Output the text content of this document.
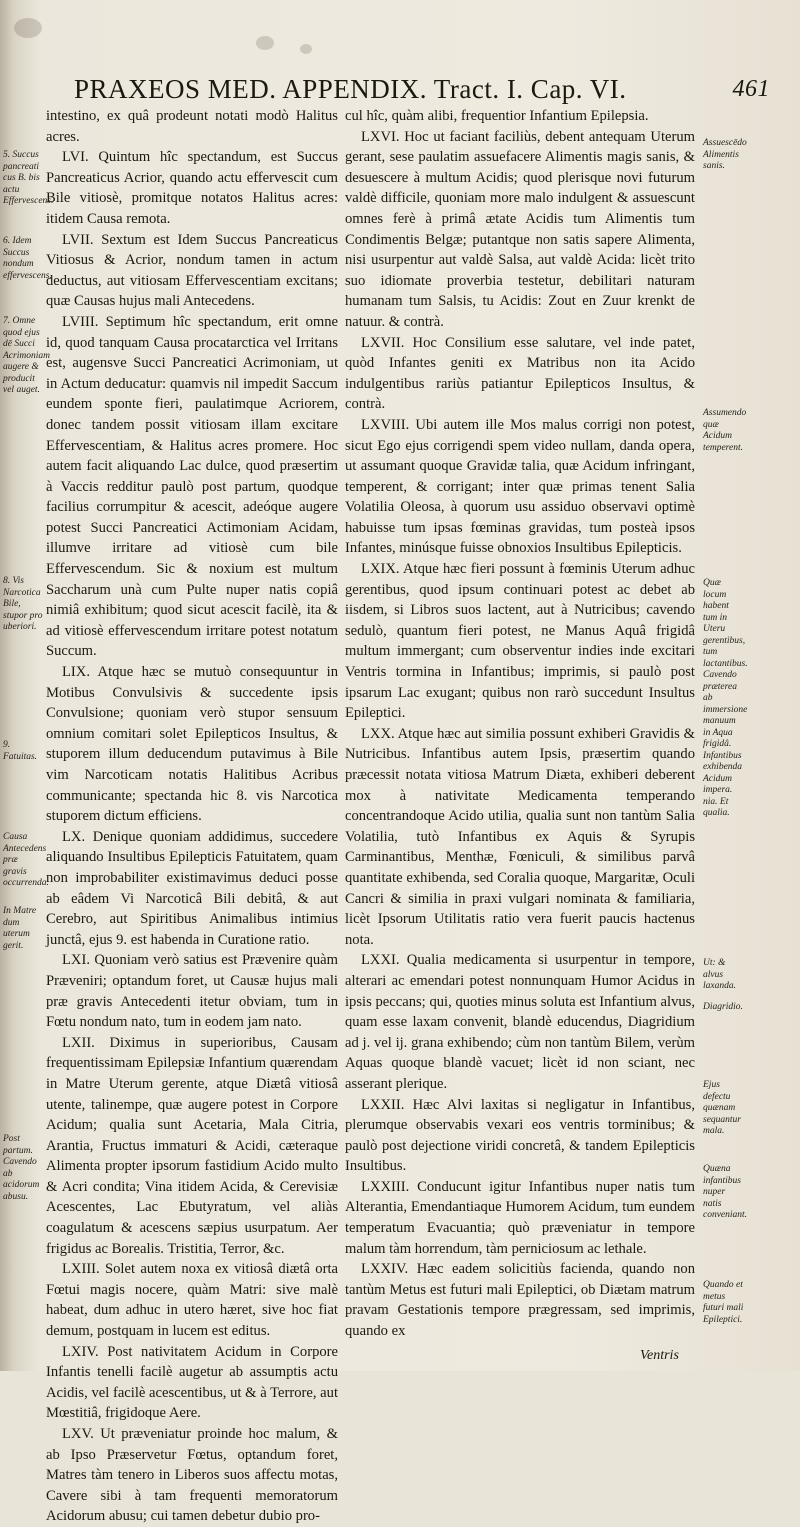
PRAXEOS MED. APPENDIX. Tract. I. Cap. VI.	461

intestino, ex quâ prodeunt notati modò Halitus acres.

LVI. Quintum hîc spectandum, est Succus Pancreaticus Acrior, quando actu effervescit cum Bile vitiosè, promitque notatos Halitus acres: itidem Causa remota.

LVII. Sextum est Idem Succus Pancreaticus Vitiosus & Acrior, nondum tamen in actum deductus, aut vitiosam Effervescentiam excitans; quæ Causas hujus mali Antecedens.

LVIII. Septimum hîc spectandum, erit omne id, quod tanquam Causa procatarctica vel Irritans est, augensve Succi Pancreatici Acrimoniam, ut in Actum deducatur: quamvis nil impedit Saccum eundem sponte fieri, paulatimque Acriorem, donec tandem possit vitiosam illam excitare Effervescentiam, & Halitus acres promere. Hoc autem facit aliquando Lac dulce, quod præsertim à Vaccis redditur paulò post partum, quodque facilius corrumpitur & acescit, adeóque augere potest Succi Pancreatici Actimoniam Acidam, illumve irritare ad vitiosè cum bile Effervescendum. Sic & noxium est multum Saccharum unà cum Pulte nuper natis copiâ nimiâ exhibitum; quod sicut acescit facilè, ita & ad vitiosè effervescendum irritare potest notatum Succum.

LIX. Atque hæc se mutuò consequuntur in Motibus Convulsivis & succedente ipsis Convulsione; quoniam verò stupor sensuum omnium comitari solet Epilepticos Insultus, & stuporem illum deducendum putavimus à Bile vim Narcoticam notatis Halitibus Acribus communicante; spectanda hic 8. vis Narcotica stuporem dictum efficiens.

LX. Denique quoniam addidimus, succedere aliquando Insultibus Epilepticis Fatuitatem, quam non improbabiliter existimavimus deduci posse ab eâdem Vi Narcoticâ Bili debitâ, & aut Cerebro, aut Spiritibus Animalibus intimius junctâ, ejus 9. est habenda in Curatione ratio.

LXI. Quoniam verò satius est Prævenire quàm Præveniri; optandum foret, ut Causæ hujus mali præ gravis Antecedenti itetur obviam, tum in Fœtu nondum nato, tum in eodem jam nato.

LXII. Diximus in superioribus, Causam frequentissimam Epilepsiæ Infantium quærendam in Matre Uterum gerente, atque Diætâ vitiosâ utente, talinempe, quæ augere potest in Corpore Acidum; qualia sunt Acetaria, Mala Citria, Arantia, Fructus immaturi & Acidi, cæteraque Alimenta propter ipsorum fastidium Acido multo & Acri condita; Vina itidem Acida, & Cerevisiæ Acescentes, Lac Ebutyratum, vel aliàs coagulatum & acescens sæpius usurpatum. Aer frigidus ac Borealis. Tristitia, Terror, &c.

LXIII. Solet autem noxa ex vitiosâ diætâ orta Fœtui magis nocere, quàm Matri: sive malè habeat, dum adhuc in utero hæret, sive hoc fiat demum, postquam in lucem est editus.

LXIV. Post nativitatem Acidum in Corpore Infantis tenelli facilè augetur ab assumptis actu Acidis, vel facilè acescentibus, ut & à Terrore, aut Mœstitiâ, frigidoque Aere.

LXV. Ut præveniatur proinde hoc malum, & ab Ipso Præservetur Fœtus, optandum foret, Matres tàm tenero in Liberos suos affectu motas, Cavere sibi à tam frequenti memoratorum Acidorum abusu; cui tamen debetur dubio pro-

cul hîc, quàm alibi, frequentior Infantium Epilepsia.

LXVI. Hoc ut faciant faciliùs, debent antequam Uterum gerant, sese paulatim assuefacere Alimentis magis sanis, & desuescere à multum Acidis; quod plerisque novi futurum valdè difficile, quoniam more malo indulgent & assuescunt omnes ferè à primâ ætate Acidis tum Alimentis tum Condimentis Belgæ; putantque non satis sapere Alimenta, nisi usurpentur aut valdè Salsa, aut valdè Acida: licèt trito suo idiomate proverbia testetur, debilitari naturam humanam tum Salsis, tu Acidis: Zout en Zuur krenkt de natuur. & contrà.

LXVII. Hoc Consilium esse salutare, vel inde patet, quòd Infantes geniti ex Matribus non ita Acido indulgentibus rariùs patiantur Epilepticos Insultus, & contrà.

LXVIII. Ubi autem ille Mos malus corrigi non potest, sicut Ego ejus corrigendi spem video nullam, danda opera, ut assumant quoque Gravidæ talia, quæ Acidum infringant, temperent, & corrigant; inter quæ primas tenent Salia Volatilia Oleosa, à quorum usu assiduo observavi optimè habuisse tum ipsas fœminas gravidas, tum posteà ipsos Infantes, minúsque fuisse obnoxios Insultibus Epilepticis.

LXIX. Atque hæc fieri possunt à fœminis Uterum adhuc gerentibus, quod ipsum continuari potest ac debet ab iisdem, si Libros suos lactent, aut à Nutricibus; cavendo sedulò, quantum fieri potest, ne Manus Aquâ frigidâ multum immergant; cum observentur indies inde excitari Ventris tormina in Infantibus; imprimis, si paulò post ipsarum Lac exugant; quibus non rarò succedunt Insultus Epileptici.

LXX. Atque hæc aut similia possunt exhiberi Gravidis & Nutricibus. Infantibus autem Ipsis, præsertim quando præcessit notata vitiosa Matrum Diæta, exhiberi deberent mox à nativitate Medicamenta temperando concentrandoque Acido utilia, qualia sunt non tantùm Salia Volatilia, tutò Infantibus ex Aquis & Syrupis Carminantibus, Menthæ, Fœniculi, & similibus parvâ quantitate exhibenda, sed Coralia quoque, Margaritæ, Oculi Cancri & similia in praxi vulgari nominata & familiaria, licèt Ipsorum Utilitatis ratio vera fuerit paucis hactenus nota.

LXXI. Qualia medicamenta si usurpentur in tempore, alterari ac emendari potest nonnunquam Humor Acidus in ipsis peccans; qui, quoties minus soluta est Infantium alvus, quam esse laxam convenit, blandè educendus, Diagridium ad j. vel ij. grana exhibendo; cùm non tantùm Bilem, verùm Aquas quoque blandè vacuet; licèt id non sciant, nec asserant plerique.

LXXII. Hæc Alvi laxitas si negligatur in Infantibus, plerumque observabis vexari eos ventris torminibus; & paulò post dejectione viridi concretâ, & tandem Epilepticis Insultibus.

LXXIII. Conducunt igitur Infantibus nuper natis tum Alterantia, Emendantiaque Humorem Acidum, tum eundem temperatum Evacuantia; quò præveniatur in tempore malum tàm horrendum, tàm perniciosum ac lethale.

LXXIV. Hæc eadem solicitiùs facienda, quando non tantùm Metus est futuri mali Epileptici, ob Diætam matrum pravam Gestationis tempore prægressam, sed imprimis, quando ex

5. Succus pancreati cus B. bis actu Effervescens.
6. Idem Succus nondum effervescens.
7. Omne quod ejus dē Succi Acrimoniam augere & producit vel auget.
8. Vis Narcotica Bile, stupor pro uberiori.
9. Fatuitas.
Causa Antecedens præ gravis occurrenda.
In Matre dum uterum gerit.
Post partum. Cavendo ab acidorum abusu.
Assuescēdo Alimentis sanis.
Assumendo quæ Acidum temperent.
Quæ locum habent tum in Uteru gerentibus, tum lactantibus. Cavendo præterea ab immersione manuum in Aqua frigidâ. Infantibus exhibenda Acidum impera. nia. Et qualia.
Ut: & alvus laxanda.
Diagridio.
Ejus defectu quænam sequantur mala.
Quæna infantibus nuper natis conveniant.
Quando et metus futuri mali Epileptici.
Ventris
